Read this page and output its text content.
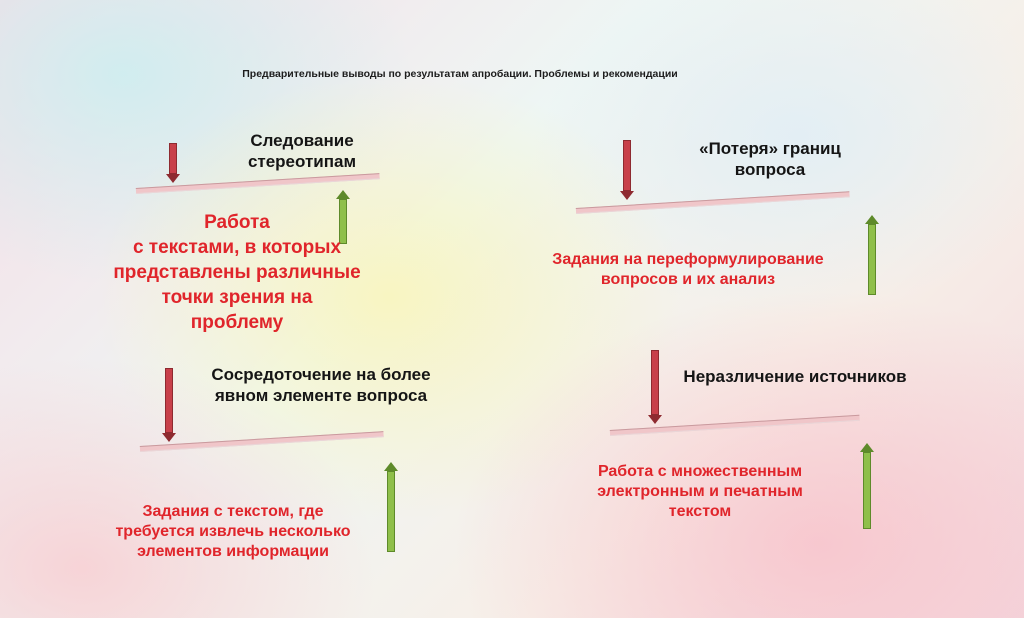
Предварительные выводы по результатам апробации. Проблемы и рекомендации
Следование
стереотипам
Работа
с текстами, в которых
представлены различные
точки зрения на
проблему
«Потеря» границ
вопроса
Задания на переформулирование
вопросов и их анализ
Сосредоточение на более
явном элементе вопроса
Задания с текстом, где
требуется извлечь несколько
элементов информации
Неразличение источников
Работа с множественным
электронным и печатным
текстом
